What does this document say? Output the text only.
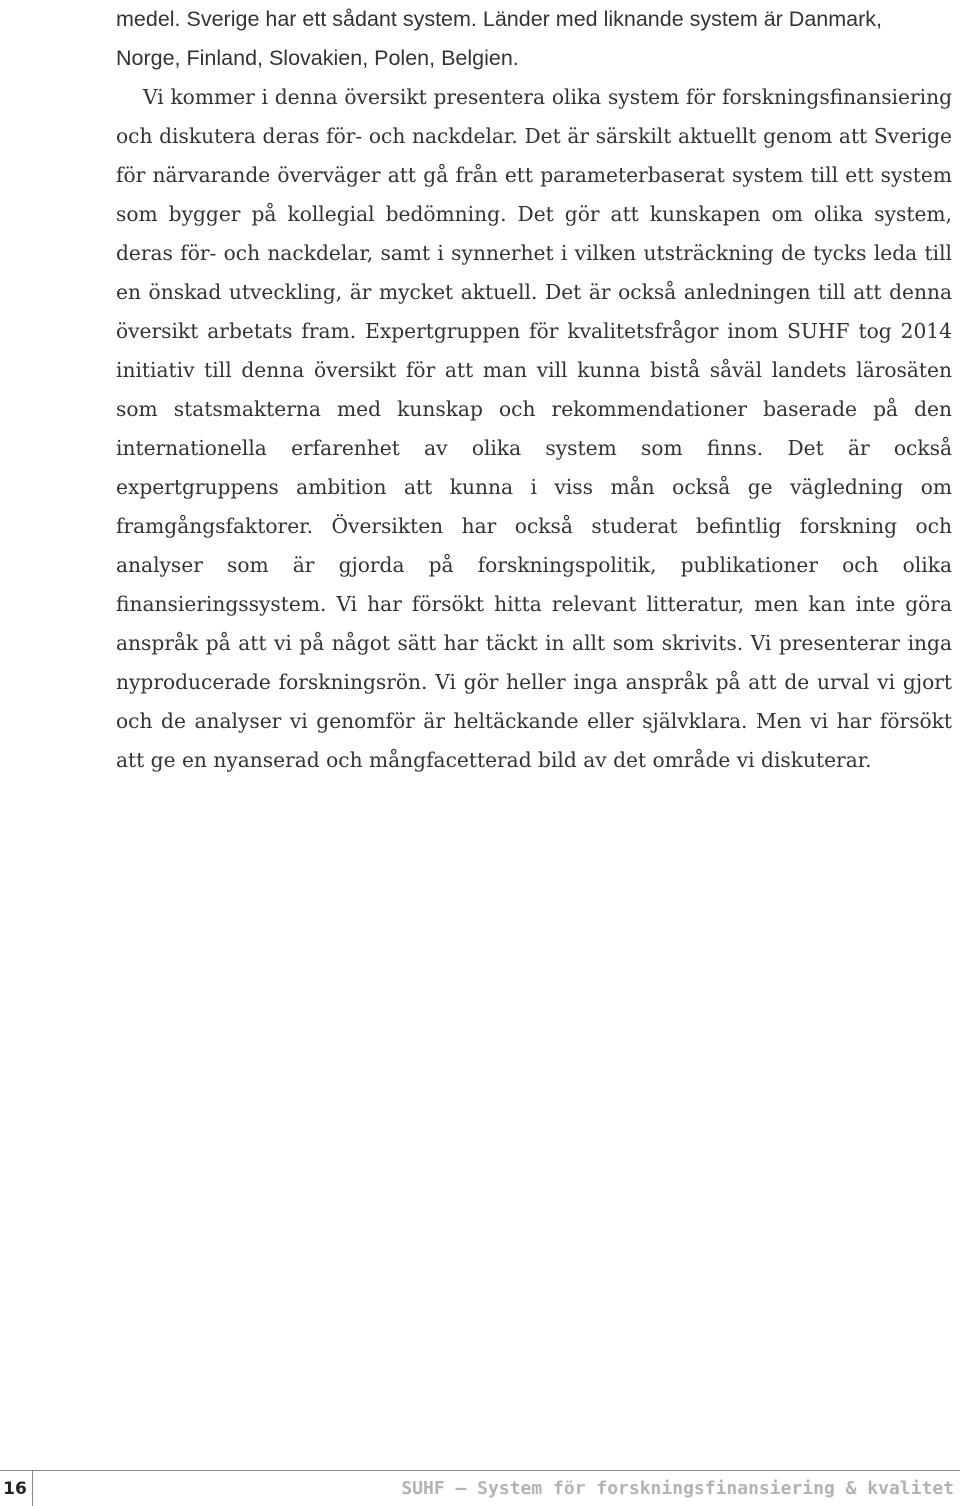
medel. Sverige har ett sådant system. Länder med liknande system är Danmark, Norge, Finland, Slovakien, Polen, Belgien.

Vi kommer i denna översikt presentera olika system för forskningsfinansiering och diskutera deras för- och nackdelar. Det är särskilt aktuellt genom att Sverige för närvarande överväger att gå från ett parameterbaserat system till ett system som bygger på kollegial bedömning. Det gör att kunskapen om olika system, deras för- och nackdelar, samt i synnerhet i vilken utsträckning de tycks leda till en önskad utveckling, är mycket aktuell. Det är också anledningen till att denna översikt arbetats fram. Expertgruppen för kvalitetsfrågor inom SUHF tog 2014 initiativ till denna översikt för att man vill kunna bistå såväl landets lärosäten som statsmakterna med kunskap och rekommendationer baserade på den internationella erfarenhet av olika system som finns. Det är också expertgruppens ambition att kunna i viss mån också ge vägledning om framgångsfaktorer. Översikten har också studerat befintlig forskning och analyser som är gjorda på forskningspolitik, publikationer och olika finansieringssystem. Vi har försökt hitta relevant litteratur, men kan inte göra anspråk på att vi på något sätt har täckt in allt som skrivits. Vi presenterar inga nyproducerade forskningsrön. Vi gör heller inga anspråk på att de urval vi gjort och de analyser vi genomför är heltäckande eller självklara. Men vi har försökt att ge en nyanserad och mångfacetterad bild av det område vi diskuterar.

16	SUHF – System för forskningsfinansiering & kvalitet
